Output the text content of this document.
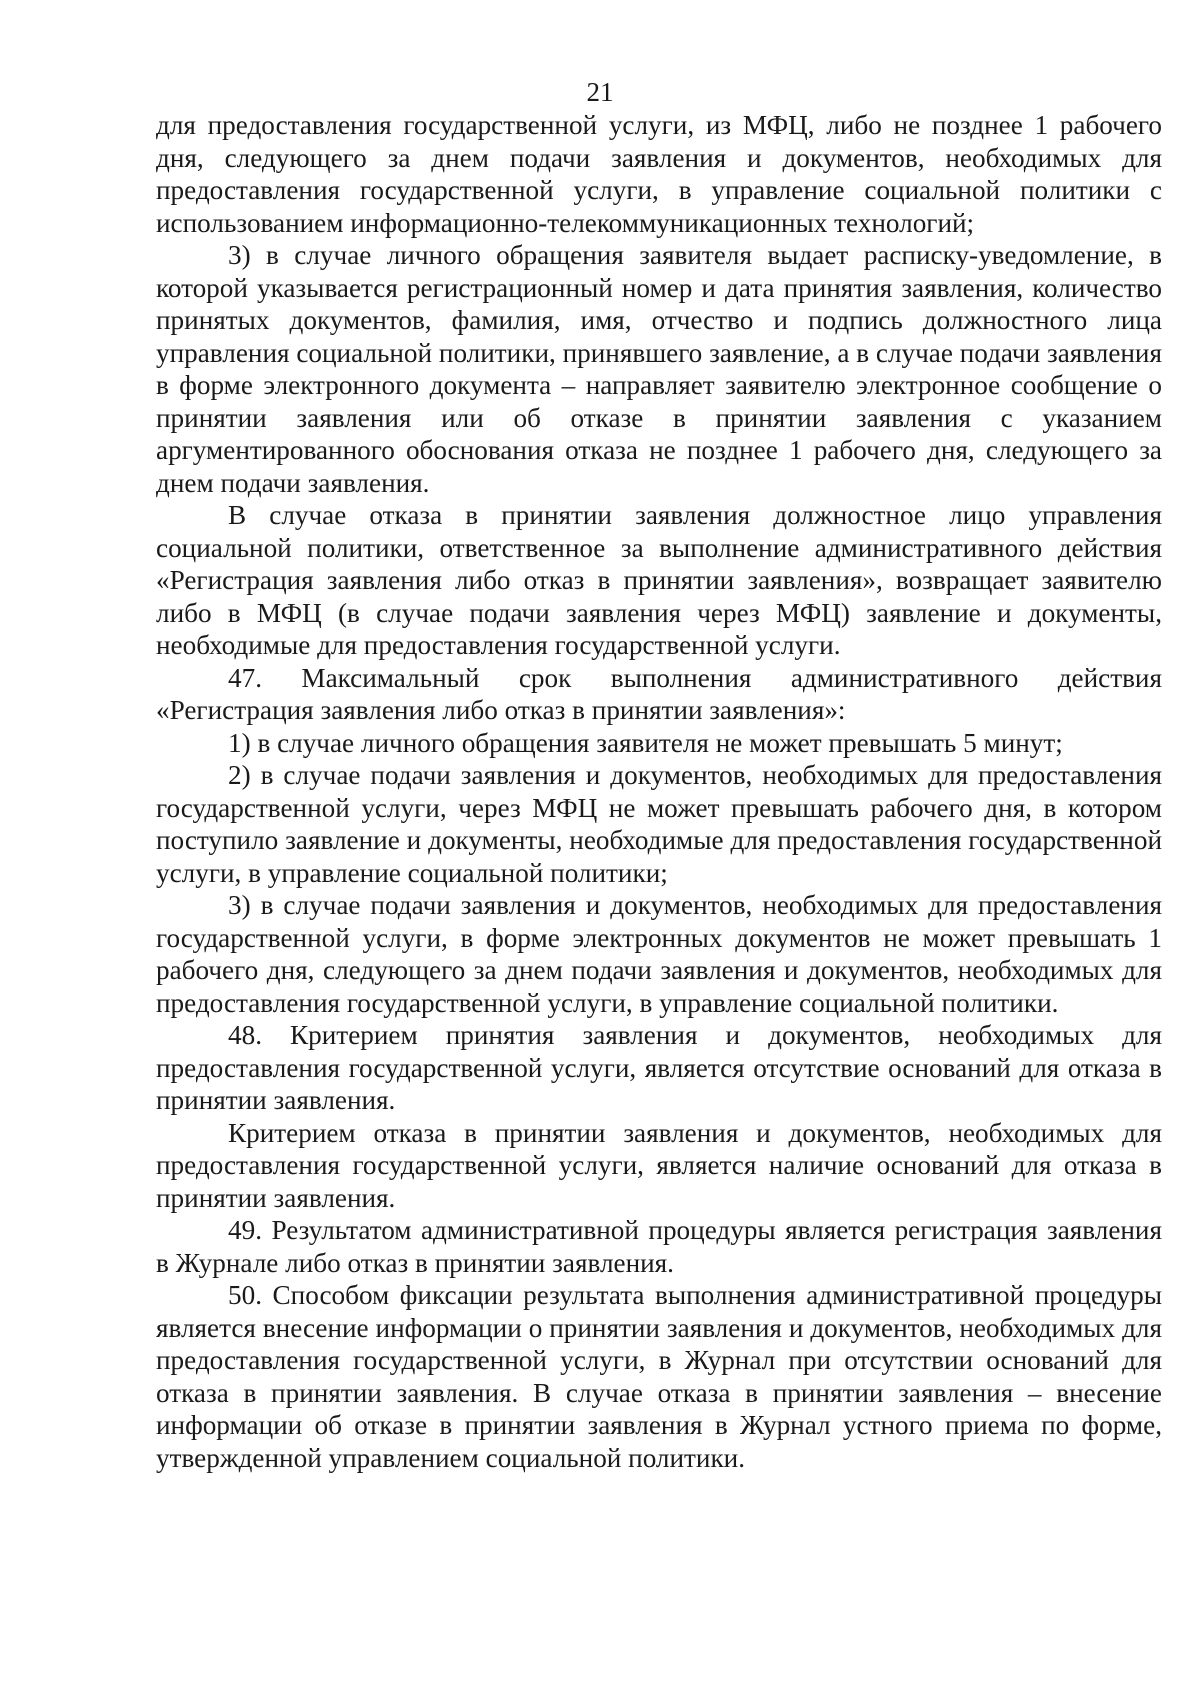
21

для предоставления государственной услуги, из МФЦ, либо не позднее 1 рабочего дня, следующего за днем подачи заявления и документов, необходимых для предоставления государственной услуги, в управление социальной политики с использованием информационно-телекоммуникационных технологий;

3) в случае личного обращения заявителя выдает расписку-уведомление, в которой указывается регистрационный номер и дата принятия заявления, количество принятых документов, фамилия, имя, отчество и подпись должностного лица управления социальной политики, принявшего заявление, а в случае подачи заявления в форме электронного документа – направляет заявителю электронное сообщение о принятии заявления или об отказе в принятии заявления с указанием аргументированного обоснования отказа не позднее 1 рабочего дня, следующего за днем подачи заявления.

В случае отказа в принятии заявления должностное лицо управления социальной политики, ответственное за выполнение административного действия «Регистрация заявления либо отказ в принятии заявления», возвращает заявителю либо в МФЦ (в случае подачи заявления через МФЦ) заявление и документы, необходимые для предоставления государственной услуги.

47. Максимальный срок выполнения административного действия «Регистрация заявления либо отказ в принятии заявления»:

1) в случае личного обращения заявителя не может превышать 5 минут;

2) в случае подачи заявления и документов, необходимых для предоставления государственной услуги, через МФЦ не может превышать рабочего дня, в котором поступило заявление и документы, необходимые для предоставления государственной услуги, в управление социальной политики;

3) в случае подачи заявления и документов, необходимых для предоставления государственной услуги, в форме электронных документов не может превышать 1 рабочего дня, следующего за днем подачи заявления и документов, необходимых для предоставления государственной услуги, в управление социальной политики.

48. Критерием принятия заявления и документов, необходимых для предоставления государственной услуги, является отсутствие оснований для отказа в принятии заявления.

Критерием отказа в принятии заявления и документов, необходимых для предоставления государственной услуги, является наличие оснований для отказа в принятии заявления.

49. Результатом административной процедуры является регистрация заявления в Журнале либо отказ в принятии заявления.

50. Способом фиксации результата выполнения административной процедуры является внесение информации о принятии заявления и документов, необходимых для предоставления государственной услуги, в Журнал при отсутствии оснований для отказа в принятии заявления. В случае отказа в принятии заявления – внесение информации об отказе в принятии заявления в Журнал устного приема по форме, утвержденной управлением социальной политики.
